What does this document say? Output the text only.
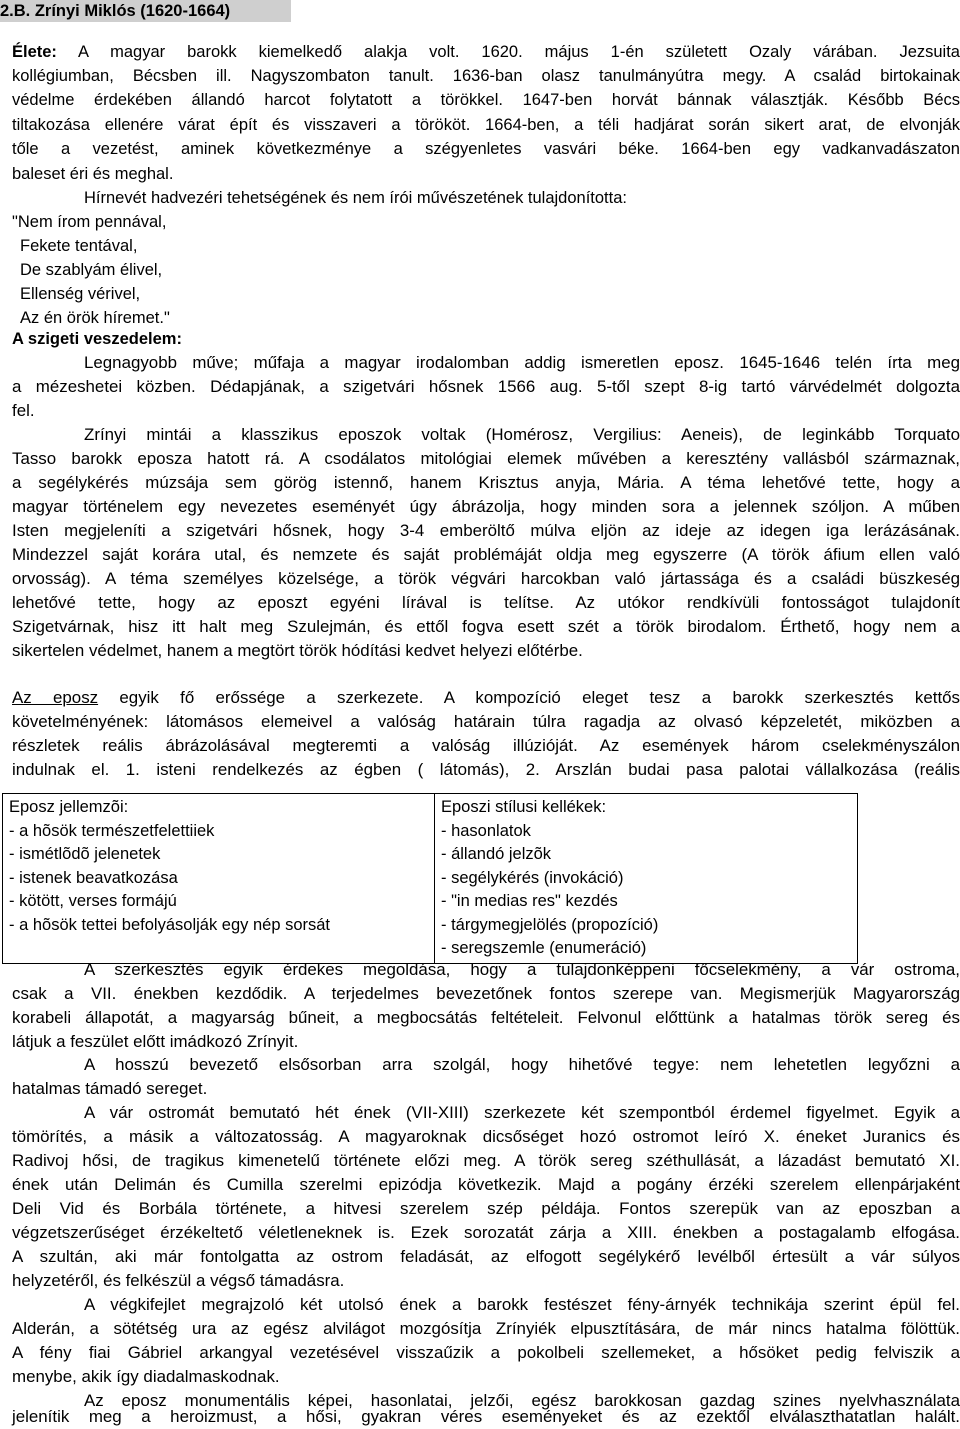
2.B. Zrínyi Miklós (1620-1664)
Élete: A magyar barokk kiemelkedő alakja volt. 1620. május 1-én született Ozaly várában. Jezsuita
kollégiumban, Bécsben ill. Nagyszombaton tanult. 1636-ban olasz tanulmányútra megy. A család birtokainak
védelme érdekében állandó harcot folytatott a törökkel. 1647-ben horvát bánnak választják. Később Bécs
tiltakozása ellenére várat épít és visszaveri a törököt. 1664-ben, a téli hadjárat során sikert arat, de elvonják
tőle a vezetést, aminek következménye a szégyenletes vasvári béke. 1664-ben egy vadkanvadászaton
baleset éri és meghal.
Hírnevét hadvezéri tehetségének és nem írói művészetének tulajdonította:
"Nem írom pennával,
Fekete tentával,
De szablyám élivel,
Ellenség vérivel,
Az én örök híremet."
A szigeti veszedelem:
Legnagyobb műve; műfaja a magyar irodalomban addig ismeretlen eposz. 1645-1646 telén írta meg
a mézeshetei közben. Dédapjának, a szigetvári hősnek 1566 aug. 5-től szept 8-ig tartó várvédelmét dolgozta
fel.
Zrínyi mintái a klasszikus eposzok voltak (Homérosz, Vergilius: Aeneis), de leginkább Torquato
Tasso barokk eposza hatott rá. A csodálatos mitológiai elemek művében a keresztény vallásból származnak,
a segélykérés múzsája sem görög istennő, hanem Krisztus anyja, Mária. A téma lehetővé tette, hogy a
magyar történelem egy nevezetes eseményét úgy ábrázolja, hogy minden sora a jelennek szóljon. A műben
Isten megjeleníti a szigetvári hősnek, hogy 3-4 emberöltő múlva eljön az ideje az idegen iga lerázásának.
Mindezzel saját korára utal, és nemzete és saját problémáját oldja meg egyszerre (A török áfium ellen való
orvosság). A téma személyes közelsége, a török végvári harcokban való jártassága és a családi büszkeség
lehetővé tette, hogy az eposzt egyéni lírával is telítse. Az utókor rendkívüli fontosságot tulajdonít
Szigetvárnak, hisz itt halt meg Szulejmán, és ettől fogva esett szét a török birodalom. Érthető, hogy nem a
sikertelen védelmet, hanem a megtört török hódítási kedvet helyezi előtérbe.
Az eposz egyik fő erőssége a szerkezete. A kompozíció eleget tesz a barokk szerkesztés kettős
követelményének: látomásos elemeivel a valóság határain túlra ragadja az olvasó képzeletét, miközben a
részletek reális ábrázolásával megteremti a valóság illúzióját. Az események három cselekményszálon
indulnak el. 1. isteni rendelkezés az égben ( látomás), 2. Arszlán budai pasa palotai vállalkozása (reális
Eposz jellemzõi:
- a hõsök természetfelettiiek
- ismétlõdõ jelenetek
- istenek beavatkozása
- kötött, verses formájú
- a hõsök tettei befolyásolják egy nép sorsát

Eposzi stílusi kellékek:
- hasonlatok
- állandó jelzõk
- segélykérés (invokáció)
- "in medias res" kezdés
- tárgymegjelölés (propozíció)
- seregszemle (enumeráció)
A szerkesztés egyik érdekes megoldása, hogy a tulajdonképpeni főcselekmény, a vár ostroma,
csak a VII. énekben kezdődik. A terjedelmes bevezetőnek fontos szerepe van. Megismerjük Magyarország
korabeli állapotát, a magyarság bűneit, a megbocsátás feltételeit. Felvonul előttünk a hatalmas török sereg és
látjuk a feszület előtt imádkozó Zrínyit.
A hosszú bevezető elsősorban arra szolgál, hogy hihetővé tegye: nem lehetetlen legyőzni a
hatalmas támadó sereget.
A vár ostromát bemutató hét ének (VII-XIII) szerkezete két szempontból érdemel figyelmet. Egyik a
tömörítés, a másik a változatosság. A magyaroknak dicsőséget hozó ostromot leíró X. éneket Juranics és
Radivoj hősi, de tragikus kimenetelű története előzi meg. A török sereg széthullását, a lázadást bemutató XI.
ének után Delimán és Cumilla szerelmi epizódja következik. Majd a pogány érzéki szerelem ellenpárjaként
Deli Vid és Borbála története, a hitvesi szerelem szép példája. Fontos szerepük van az eposzban a
végzetszerűséget érzékeltető véletleneknek is. Ezek sorozatát zárja a XIII. énekben a postagalamb elfogása.
A szultán, aki már fontolgatta az ostrom feladását, az elfogott segélykérő levélből értesült a vár súlyos
helyzetéről, és felkészül a végső támadásra.
A végkifejlet megrajzoló két utolsó ének a barokk festészet fény-árnyék technikája szerint épül fel.
Alderán, a sötétség ura az egész alvilágot mozgósítja Zrínyiék elpusztítására, de már nincs hatalma fölöttük.
A fény fiai Gábriel arkangyal vezetésével visszaűzik a pokolbeli szellemeket, a hősöket pedig felviszik a
menybe, akik így diadalmaskodnak.
Az eposz monumentális képei, hasonlatai, jelzői, egész barokkosan gazdag szines nyelvhasználata
jelenítik meg a heroizmust, a hősi, gyakran véres eseményeket és az ezektől elválaszthatatlan halált.
